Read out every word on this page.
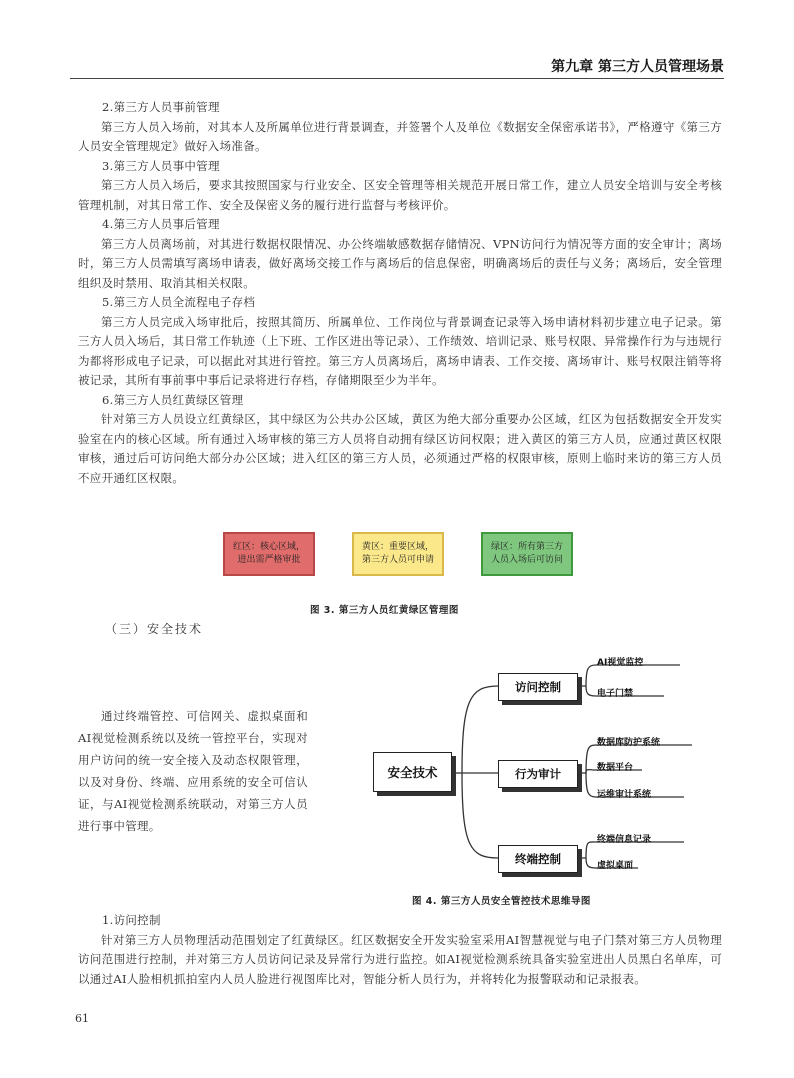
第九章 第三方人员管理场景

2.第三方人员事前管理

第三方人员入场前，对其本人及所属单位进行背景调查，并签署个人及单位《数据安全保密承诺书》，严格遵守《第三方人员安全管理规定》做好入场准备。

3.第三方人员事中管理

第三方人员入场后，要求其按照国家与行业安全、区安全管理等相关规范开展日常工作，建立人员安全培训与安全考核管理机制，对其日常工作、安全及保密义务的履行进行监督与考核评价。

4.第三方人员事后管理

第三方人员离场前，对其进行数据权限情况、办公终端敏感数据存储情况、VPN访问行为情况等方面的安全审计；离场时，第三方人员需填写离场申请表，做好离场交接工作与离场后的信息保密，明确离场后的责任与义务；离场后，安全管理组织及时禁用、取消其相关权限。

5.第三方人员全流程电子存档

第三方人员完成入场审批后，按照其简历、所属单位、工作岗位与背景调查记录等入场申请材料初步建立电子记录。第三方人员入场后，其日常工作轨迹（上下班、工作区进出等记录）、工作绩效、培训记录、账号权限、异常操作行为与违规行为都将形成电子记录，可以据此对其进行管控。第三方人员离场后，离场申请表、工作交接、离场审计、账号权限注销等将被记录，其所有事前事中事后记录将进行存档，存储期限至少为半年。

6.第三方人员红黄绿区管理

针对第三方人员设立红黄绿区，其中绿区为公共办公区域，黄区为绝大部分重要办公区域，红区为包括数据安全开发实验室在内的核心区域。所有通过入场审核的第三方人员将自动拥有绿区访问权限；进入黄区的第三方人员，应通过黄区权限审核，通过后可访问绝大部分办公区域；进入红区的第三方人员，必须通过严格的权限审核，原则上临时来访的第三方人员不应开通红区权限。

红区：核心区域，
进出需严格审批
黄区：重要区域，
第三方人员可申请
绿区：所有第三方
人员入场后可访问
图 3. 第三方人员红黄绿区管理图
（三）安全技术

通过终端管控、可信网关、虚拟桌面和AI视觉检测系统以及统一管控平台，实现对用户访问的统一安全接入及动态权限管理，以及对身份、终端、应用系统的安全可信认证，与AI视觉检测系统联动，对第三方人员进行事中管理。

安全技术
访问控制
行为审计
终端控制
AI视觉监控
电子门禁
数据库防护系统
数据平台
运维审计系统
终端信息记录
虚拟桌面
图 4. 第三方人员安全管控技术思维导图

1.访问控制

针对第三方人员物理活动范围划定了红黄绿区。红区数据安全开发实验室采用AI智慧视觉与电子门禁对第三方人员物理访问范围进行控制，并对第三方人员访问记录及异常行为进行监控。如AI视觉检测系统具备实验室进出人员黑白名单库，可以通过AI人脸相机抓拍室内人员人脸进行视图库比对，智能分析人员行为，并将转化为报警联动和记录报表。

61
